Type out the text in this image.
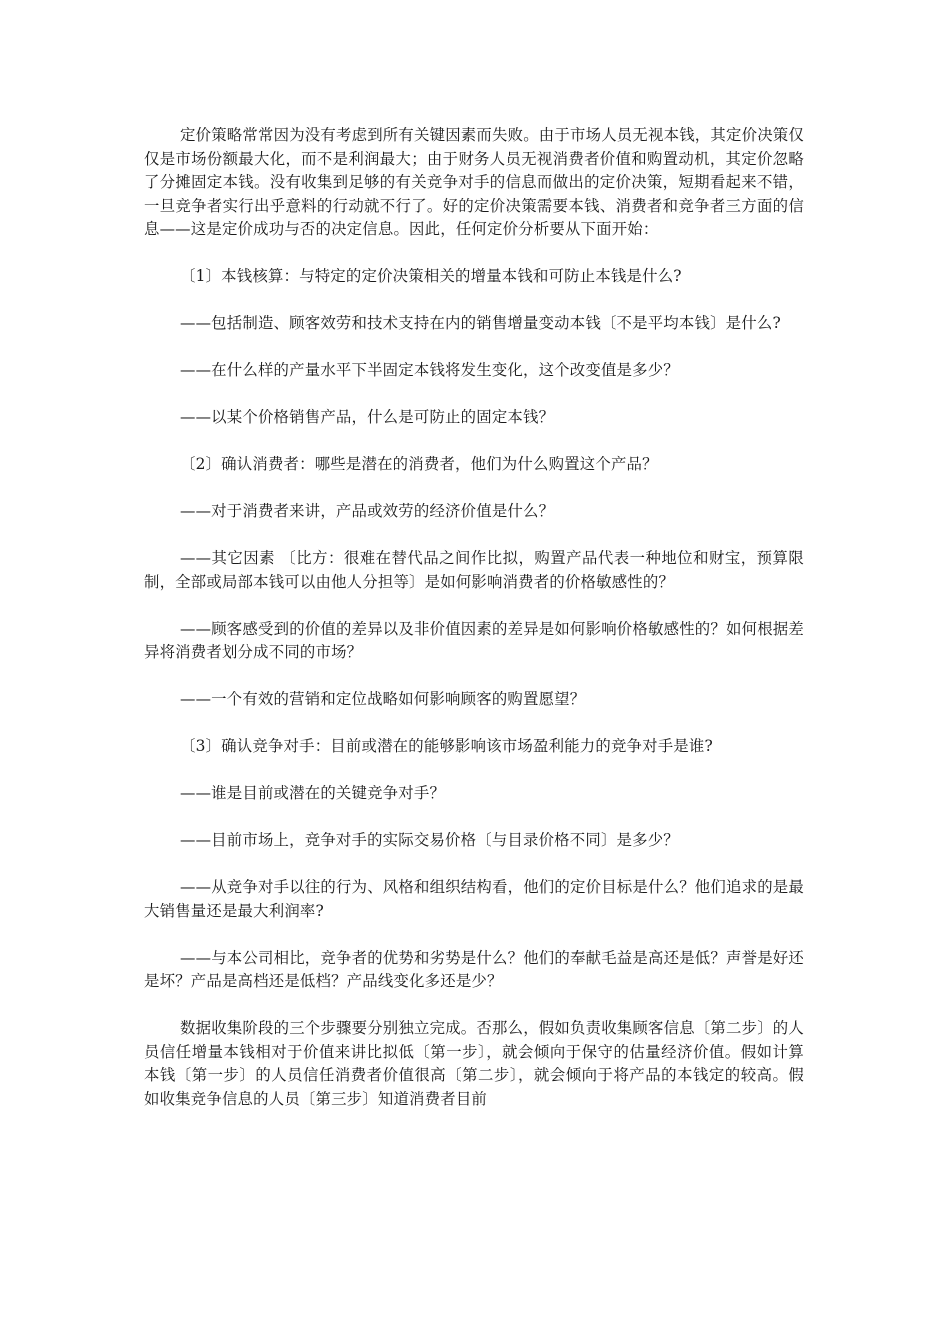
定价策略常常因为没有考虑到所有关键因素而失败。由于市场人员无视本钱，其定价决策仅仅是市场份额最大化，而不是利润最大；由于财务人员无视消费者价值和购置动机，其定价忽略了分摊固定本钱。没有收集到足够的有关竞争对手的信息而做出的定价决策，短期看起来不错，一旦竞争者实行出乎意料的行动就不行了。好的定价决策需要本钱、消费者和竞争者三方面的信息——这是定价成功与否的决定信息。因此，任何定价分析要从下面开始：

〔1〕本钱核算：与特定的定价决策相关的增量本钱和可防止本钱是什么?

——包括制造、顾客效劳和技术支持在内的销售增量变动本钱〔不是平均本钱〕是什么?

——在什么样的产量水平下半固定本钱将发生变化，这个改变值是多少？

——以某个价格销售产品，什么是可防止的固定本钱？

〔2〕确认消费者：哪些是潜在的消费者，他们为什么购置这个产品？

——对于消费者来讲，产品或效劳的经济价值是什么？

——其它因素 〔比方：很难在替代品之间作比拟，购置产品代表一种地位和财宝，预算限制，全部或局部本钱可以由他人分担等〕是如何影响消费者的价格敏感性的？

——顾客感受到的价值的差异以及非价值因素的差异是如何影响价格敏感性的？如何根据差异将消费者划分成不同的市场？

——一个有效的营销和定位战略如何影响顾客的购置愿望？

〔3〕确认竞争对手：目前或潜在的能够影响该市场盈利能力的竞争对手是谁?

——谁是目前或潜在的关键竞争对手？

——目前市场上，竞争对手的实际交易价格〔与目录价格不同〕是多少？

——从竞争对手以往的行为、风格和组织结构看，他们的定价目标是什么？他们追求的是最大销售量还是最大利润率?

——与本公司相比，竞争者的优势和劣势是什么？他们的奉献毛益是高还是低？声誉是好还是坏？产品是高档还是低档？产品线变化多还是少？

数据收集阶段的三个步骤要分别独立完成。否那么，假如负责收集顾客信息〔第二步〕的人员信任增量本钱相对于价值来讲比拟低〔第一步〕，就会倾向于保守的估量经济价值。假如计算本钱〔第一步〕的人员信任消费者价值很高〔第二步〕，就会倾向于将产品的本钱定的较高。假如收集竞争信息的人员〔第三步〕知道消费者目前
